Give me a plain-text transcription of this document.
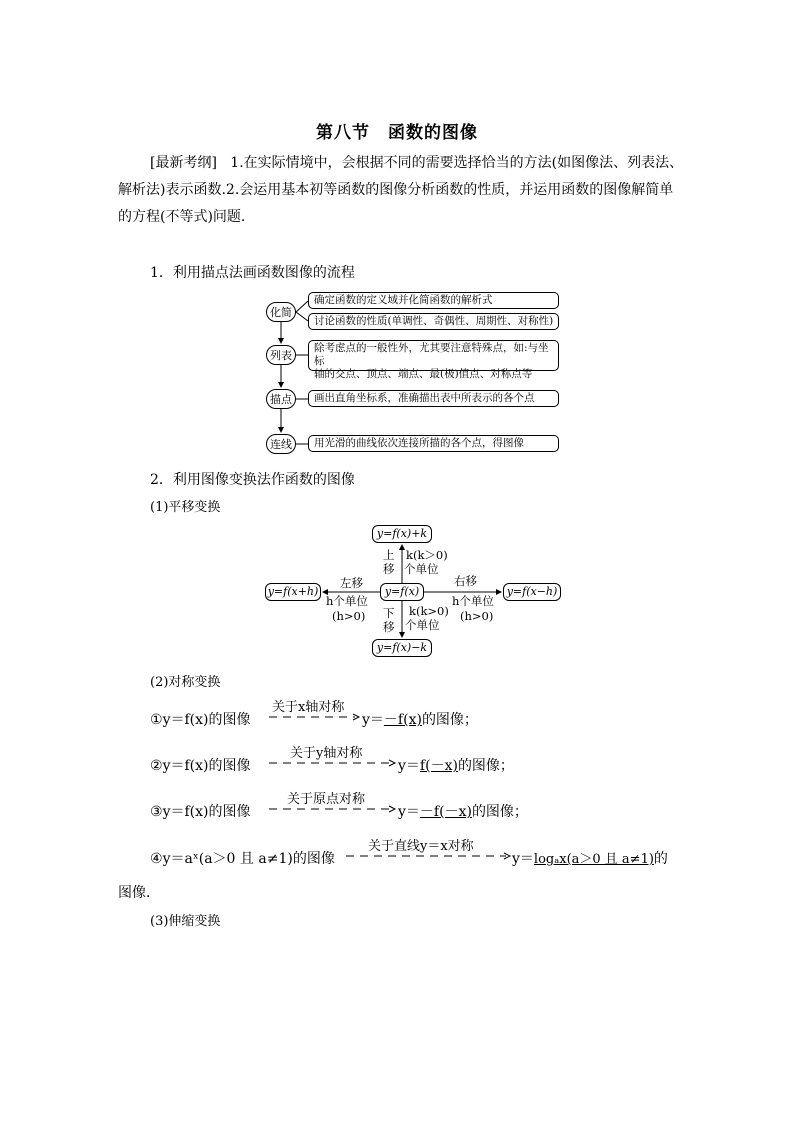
第八节　函数的图像
[最新考纲] 1.在实际情境中，会根据不同的需要选择恰当的方法(如图像法、列表法、
解析法)表示函数.2.会运用基本初等函数的图像分析函数的性质，并运用函数的图像解简单
的方程(不等式)问题．
1．利用描点法画函数图像的流程
化简
列表
描点
连线
确定函数的定义域并化简函数的解析式
讨论函数的性质(单调性、奇偶性、周期性、对称性)
除考虑点的一般性外，尤其要注意特殊点，如:与坐标
轴的交点、顶点、端点、最(极)值点、对称点等
画出直角坐标系，准确描出表中所表示的各个点
用光滑的曲线依次连接所描的各个点，得图像
2．利用图像变换法作函数的图像
(1)平移变换
y=f(x)+k
y=f(x)
y=f(x)−k
y=f(x+h)	y=f(x−h)
上
移
k(k＞0)
个单位
下
移
k(k>0)
个单位
左移
h个单位
(h>0)
右移
h个单位
(h>0)
(2)对称变换
关于x轴对称
①y＝f(x)的图像	y＝－f(x)的图像；
关于y轴对称
②y＝f(x)的图像	y＝f(－x)的图像；
关于原点对称
③y＝f(x)的图像	y＝－f(－x)的图像；
关于直线y＝x对称
④y＝aˣ(a＞0 且 a≠1)的图像	y＝logₐx(a＞0 且 a≠1)的
图像．
(3)伸缩变换
